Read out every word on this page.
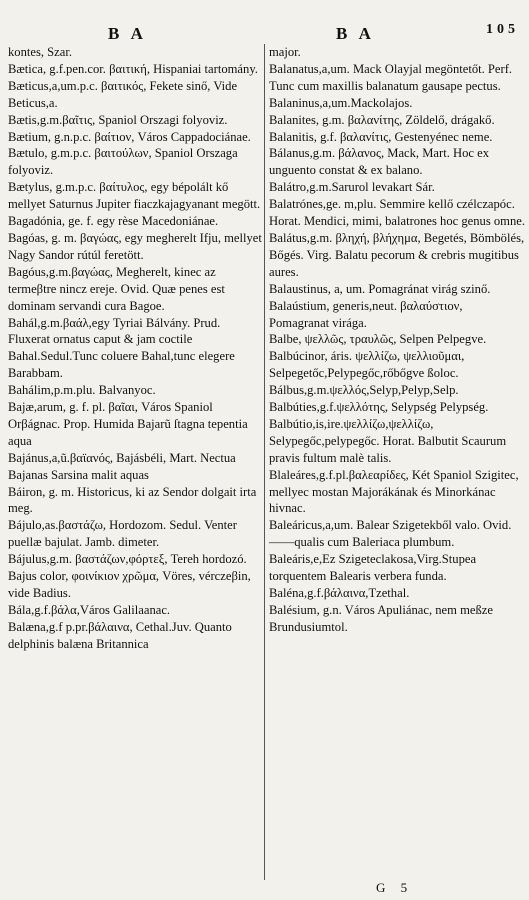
B A	B A	105

kontes, Szar.

Bætica, g.f.pen.cor. βαιτική, Hispaniai tartomány.

Bæticus,a,um.p.c. βαιτικός, Fekete sinő, Vide Beticus,a.

Bætis,g.m.βαῖτις, Spaniol Orszagi folyoviz.

Bætium, g.n.p.c. βαίτιον, Város Cappadociánae.

Bætulo, g.m.p.c. βαιτούλων, Spaniol Orszaga folyoviz.

Bætylus, g.m.p.c. βαίτυλος, egy bépolált kő mellyet Saturnus Jupiter fiaczkajagyanant megött.

Bagadónia, ge. f. egy rèse Macedoniánae.

Bagóas, g. m. βαγώας, egy megherelt Ifju, mellyet Nagy Sandor rútúl feretött.

Bagóus,g.m.βαγώας, Megherelt, kinec az termeβtre nincz ereje. Ovid. Quæ penes est dominam servandi cura Bagoe.

Bahál,g.m.βαάλ,egy Tyriai Bálvány. Prud. Fluxerat ornatus caput & jam coctile Bahal.Sedul.Tunc coluere Bahal,tunc elegere Barabbam.

Bahálim,p.m.plu. Balvanyoc.

Bajæ,arum, g. f. pl. βαῖαι, Város Spaniol Orβágnac. Prop. Humida Bajarũ ſtagna tepentia aqua

Bajánus,a,ũ.βαϊανός, Bajásbéli, Mart. Nectua Bajanas Sarsina malit aquas

Báiron, g. m. Historicus, ki az Sendor dolgait irta meg.

Bájulo,as.βαστάζω, Hordozom. Sedul. Venter puellæ bajulat. Jamb. dimeter.

Bájulus,g.m. βαστάζων,φόρτεξ, Tereh hordozó.

Bajus color, φοινίκιον χρῶμα, Vöres, vérczeβin, vide Badius.

Bála,g.f.βάλα,Város Galilaanac.

Balæna,g.f p.pr.βάλαινα, Cethal.Juv. Quanto delphinis balæna Britannica

major.

Balanatus,a,um. Mack Olayjal megöntetőt. Perf. Tunc cum maxillis balanatum gausape pectus.

Balaninus,a,um.Mackolajos.

Balanites, g.m. βαλανίτης, Zöldelő, drágakő.

Balanitis, g.f. βαλανίτις, Gestenyénec neme.

Bálanus,g.m. βάλανος, Mack, Mart. Hoc ex unguento constat & ex balano.

Balátro,g.m.Sarurol levakart Sár.

Balatrónes,ge. m,plu. Semmire kellő czélczapóc. Horat. Mendici, mimi, balatrones hoc genus omne.

Balátus,g.m. βληχή, βλήχημα, Begetés, Bömbölés, Bőgés. Virg. Balatu pecorum & crebris mugitibus aures.

Balaustinus, a, um. Pomagránat virág szinő.

Balaústium, generis,neut. βαλαύστιον, Pomagranat virága.

Balbe, ψελλῶς, τραυλῶς, Selpen Pelpegve.

Balbúcinor, áris. ψελλίζω, ψελλιοῦμαι, Selpegetőc,Pelypegőc,rőbőgve ßoloc.

Bálbus,g.m.ψελλός,Selyp,Pelyp,Selp.

Balbúties,g.f.ψελλότης, Selypség Pelypség.

Balbútio,is,ire.ψελλίζω,ψελλίζω, Selypegőc,pelypegőc. Horat. Balbutit Scaurum pravis fultum malè talis.

Blaleáres,g.f.pl.βαλεαρίδες, Két Spaniol Szigitec, mellyec mostan Majorákának és Minorkánac hivnac.

Baleáricus,a,um. Balear Szigetekből valo. Ovid.——qualis cum Baleriaca plumbum.

Baleáris,e,Ez Szigeteclakosa,Virg.Stupea torquentem Balearis verbera funda.

Baléna,g.f.βάλαινα,Tzethal.

Balésium, g.n. Város Apuliánac, nem meßze Brundusiumtol.

G 5
